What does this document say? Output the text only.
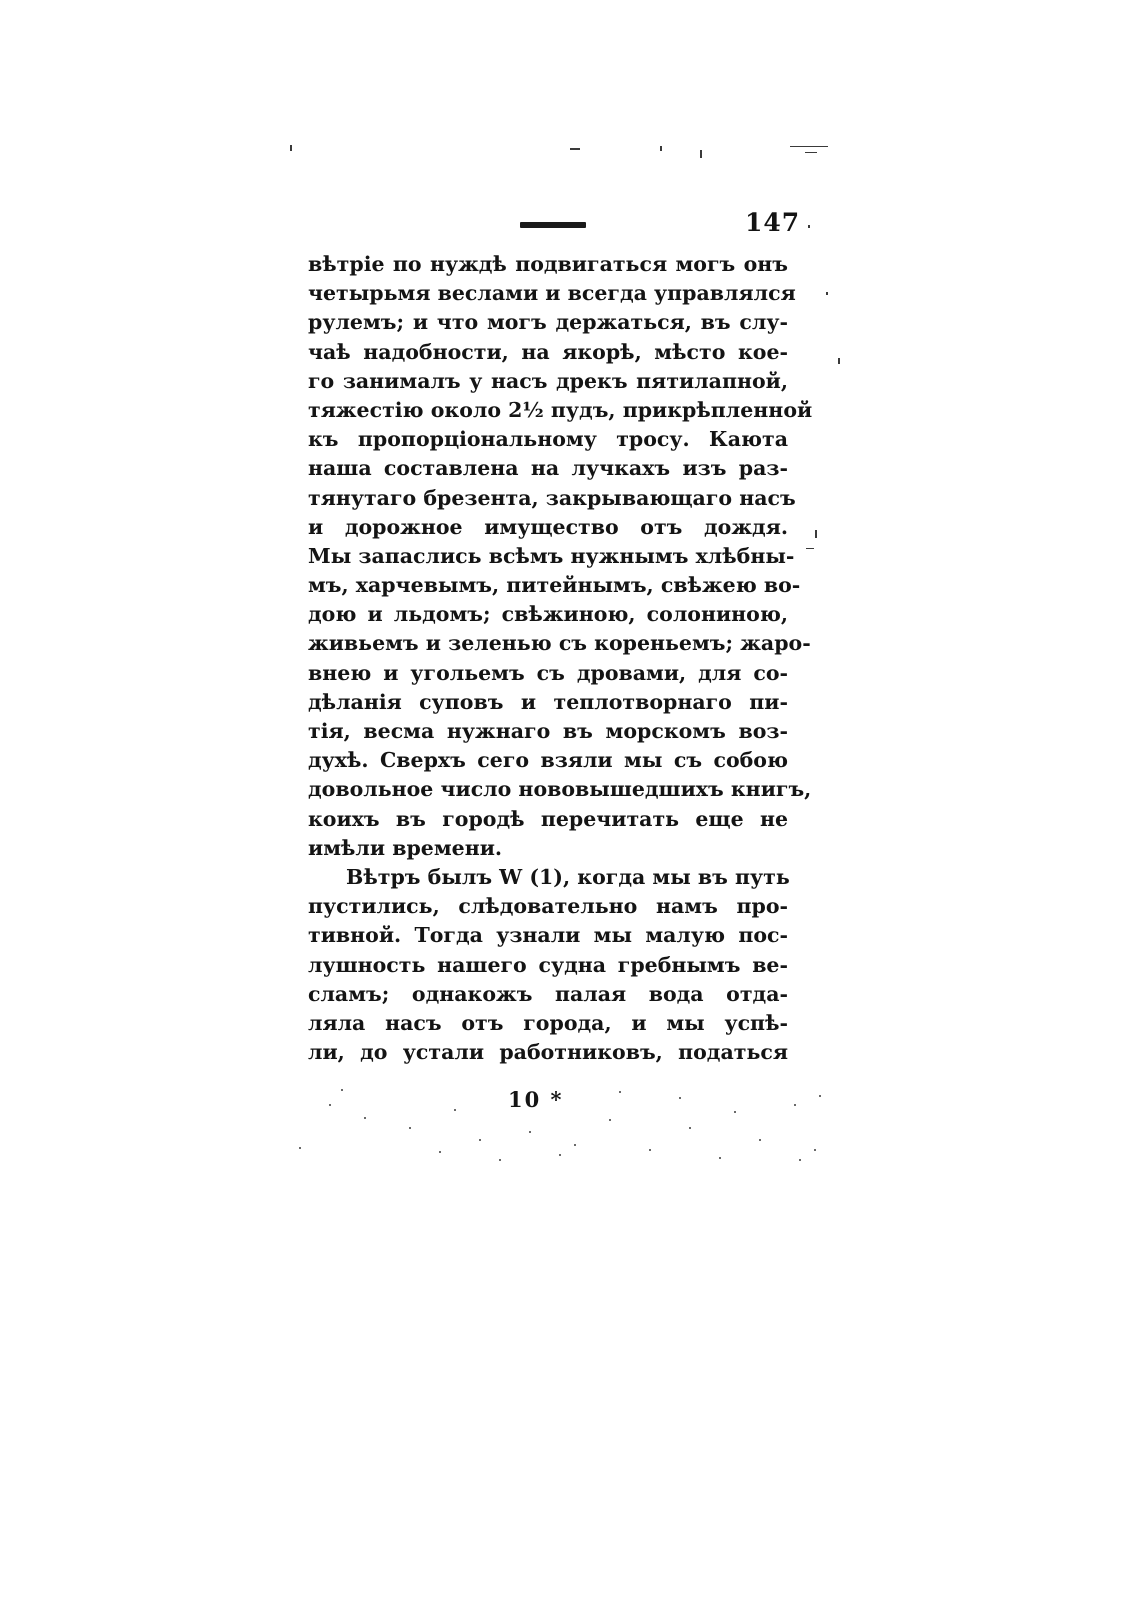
147
вѣтріе по нуждѣ подвигаться могъ онъ
четырьмя веслами и всегда управлялся
рулемъ; и что могъ держаться, въ слу-
чаѣ надобности, на якорѣ, мѣсто кое-
го занималъ у насъ дрекъ пятилапной,
тяжестію около 2½ пудъ, прикрѣпленной
къ пропорціональному тросу. Каюта
наша составлена на лучкахъ изъ раз-
тянутаго брезента, закрывающаго насъ
и дорожное имущество отъ дождя.
Мы запаслись всѣмъ нужнымъ хлѣбны-
мъ, харчевымъ, питейнымъ, свѣжею во-
дою и льдомъ; свѣжиною, солониною,
живьемъ и зеленью съ кореньемъ; жаро-
внею и угольемъ съ дровами, для со-
дѣланія суповъ и теплотворнаго пи-
тія, весма нужнаго въ морскомъ воз-
духѣ. Сверхъ сего взяли мы съ собою
довольное число нововышедшихъ книгъ,
коихъ въ городѣ перечитать еще не
имѣли времени.
Вѣтръ былъ W (1), когда мы въ путь
пустились, слѣдовательно намъ про-
тивной. Тогда узнали мы малую пос-
лушность нашего судна гребнымъ ве-
сламъ; однакожъ палая вода отда-
ляла насъ отъ города, и мы успѣ-
ли, до устали работниковъ, податься
10 *
